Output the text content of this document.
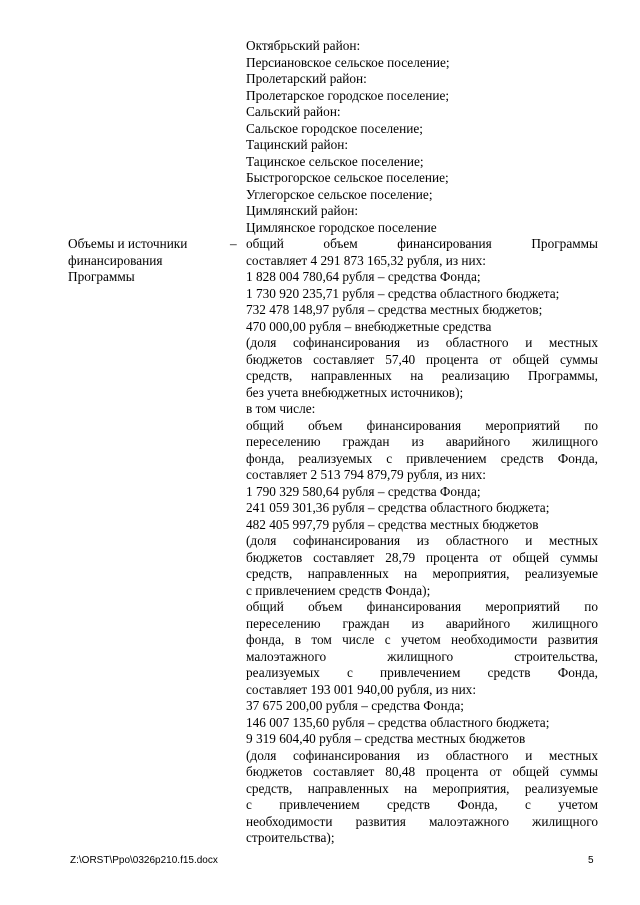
Октябрьский район:
Персиановское сельское поселение;
Пролетарский район:
Пролетарское городское поселение;
Сальский район:
Сальское городское поселение;
Тацинский район:
Тацинское сельское поселение;
Быстрогорское сельское поселение;
Углегорское сельское поселение;
Цимлянский район:
Цимлянское городское поселение
Объемы и источники
финансирования
Программы
– общий объем финансирования Программы
составляет 4 291 873 165,32 рубля, из них:
1 828 004 780,64 рубля – средства Фонда;
1 730 920 235,71 рубля – средства областного бюджета;
732 478 148,97 рубля – средства местных бюджетов;
470 000,00 рубля – внебюджетные средства
(доля софинансирования из областного и местных
бюджетов составляет 57,40 процента от общей суммы
средств, направленных на реализацию Программы,
без учета внебюджетных источников);
в том числе:
общий объем финансирования мероприятий по
переселению граждан из аварийного жилищного
фонда, реализуемых с привлечением средств Фонда,
составляет 2 513 794 879,79 рубля, из них:
1 790 329 580,64 рубля – средства Фонда;
241 059 301,36 рубля – средства областного бюджета;
482 405 997,79 рубля – средства местных бюджетов
(доля софинансирования из областного и местных
бюджетов составляет 28,79 процента от общей суммы
средств, направленных на мероприятия, реализуемые
с привлечением средств Фонда);
общий объем финансирования мероприятий по
переселению граждан из аварийного жилищного
фонда, в том числе с учетом необходимости развития
малоэтажного жилищного строительства,
реализуемых с привлечением средств Фонда,
составляет 193 001 940,00 рубля, из них:
37 675 200,00 рубля – средства Фонда;
146 007 135,60 рубля – средства областного бюджета;
9 319 604,40 рубля – средства местных бюджетов
(доля софинансирования из областного и местных
бюджетов составляет 80,48 процента от общей суммы
средств, направленных на мероприятия, реализуемые
с привлечением средств Фонда, с учетом
необходимости развития малоэтажного жилищного
строительства);
Z:\ORST\Ppo\0326p210.f15.docx	5
